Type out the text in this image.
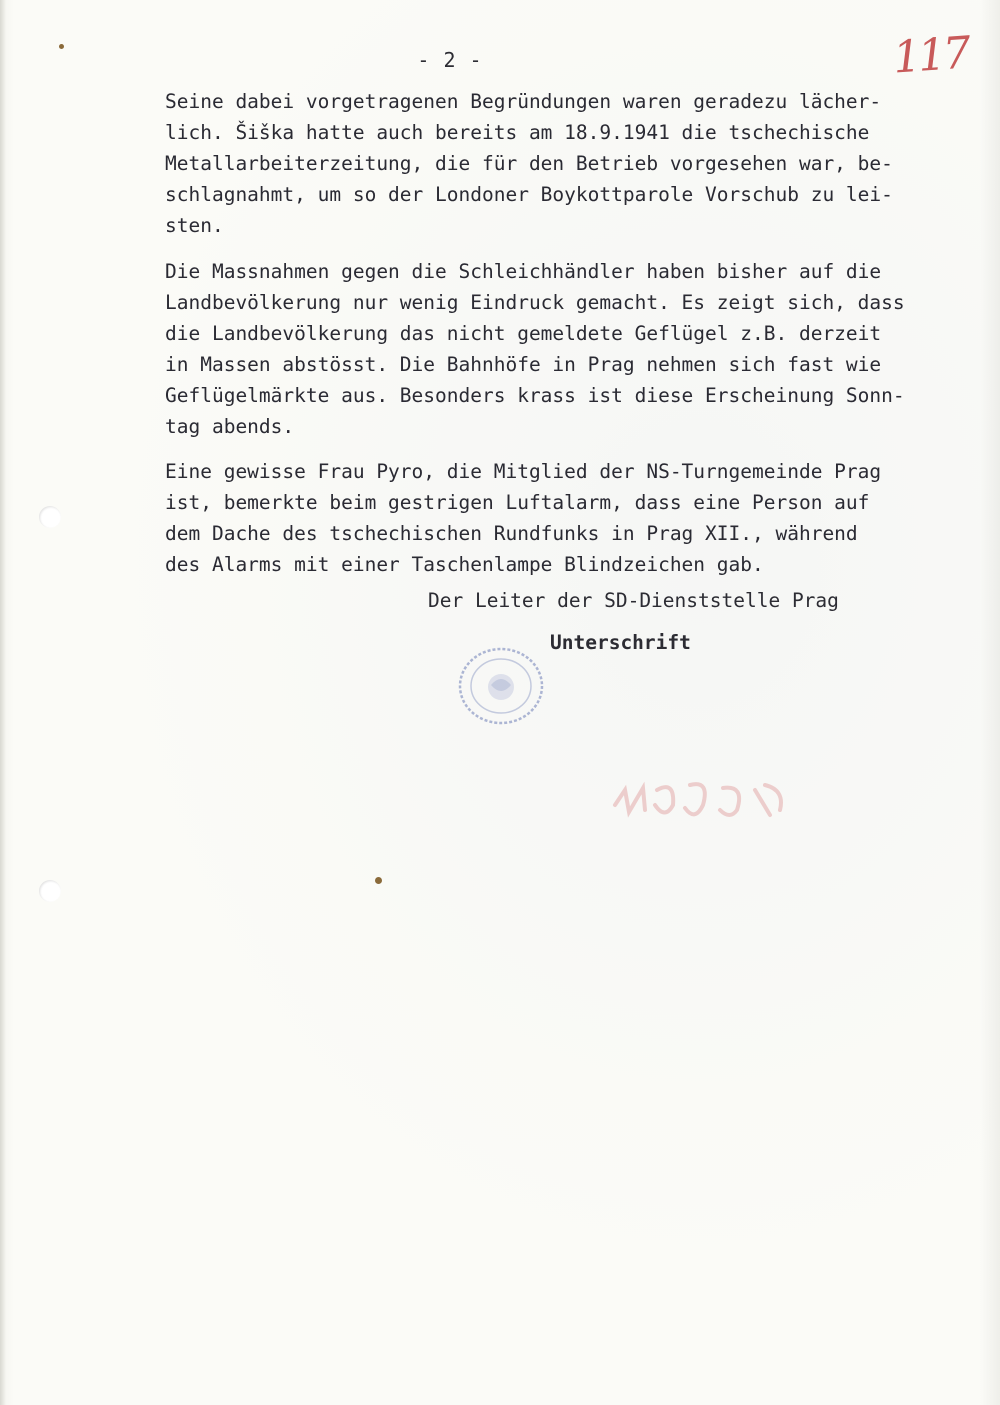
- 2 -	117
Seine dabei vorgetragenen Begründungen waren geradezu lächer-
lich. Šiška hatte auch bereits am 18.9.1941 die tschechische
Metallarbeiterzeitung, die für den Betrieb vorgesehen war, be-
schlagnahmt, um so der Londoner Boykottparole Vorschub zu lei-
sten.
Die Massnahmen gegen die Schleichhändler haben bisher auf die
Landbevölkerung nur wenig Eindruck gemacht. Es zeigt sich, dass
die Landbevölkerung das nicht gemeldete Geflügel z.B. derzeit
in Massen abstösst. Die Bahnhöfe in Prag nehmen sich fast wie
Geflügelmärkte aus. Besonders krass ist diese Erscheinung Sonn-
tag abends.
Eine gewisse Frau Pyro, die Mitglied der NS-Turngemeinde Prag
ist, bemerkte beim gestrigen Luftalarm, dass eine Person auf
dem Dache des tschechischen Rundfunks in Prag XII., während
des Alarms mit einer Taschenlampe Blindzeichen gab.
Der Leiter der SD-Dienststelle Prag
Unterschrift
